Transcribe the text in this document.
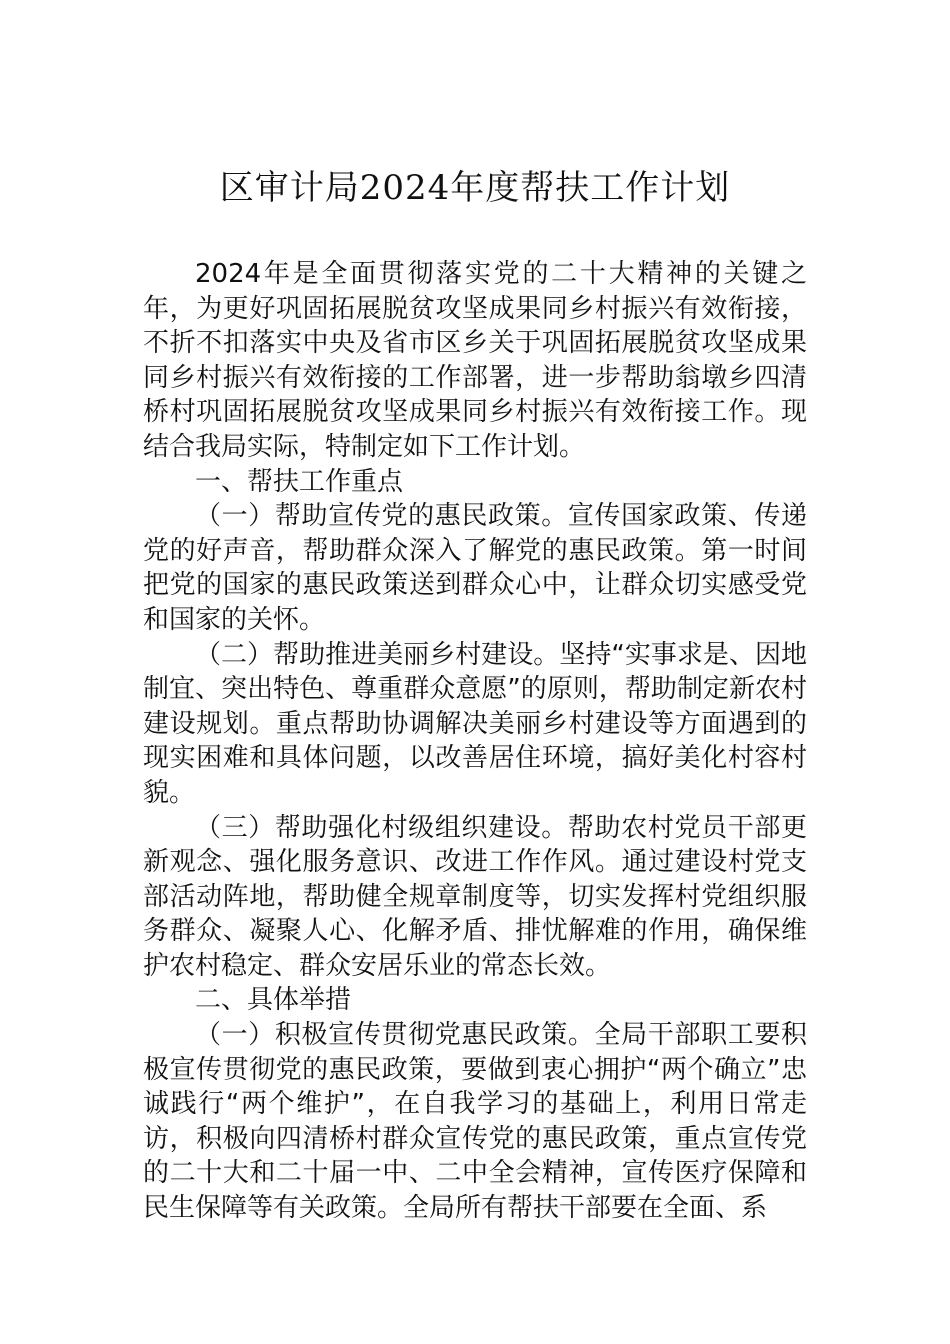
区审计局2024年度帮扶工作计划

2024年是全面贯彻落实党的二十大精神的关键之年，为更好巩固拓展脱贫攻坚成果同乡村振兴有效衔接，不折不扣落实中央及省市区乡关于巩固拓展脱贫攻坚成果同乡村振兴有效衔接的工作部署，进一步帮助翁墩乡四清桥村巩固拓展脱贫攻坚成果同乡村振兴有效衔接工作。现结合我局实际，特制定如下工作计划。

一、帮扶工作重点

（一）帮助宣传党的惠民政策。宣传国家政策、传递党的好声音，帮助群众深入了解党的惠民政策。第一时间把党的国家的惠民政策送到群众心中，让群众切实感受党和国家的关怀。

（二）帮助推进美丽乡村建设。坚持“实事求是、因地制宜、突出特色、尊重群众意愿”的原则，帮助制定新农村建设规划。重点帮助协调解决美丽乡村建设等方面遇到的现实困难和具体问题，以改善居住环境，搞好美化村容村貌。

（三）帮助强化村级组织建设。帮助农村党员干部更新观念、强化服务意识、改进工作作风。通过建设村党支部活动阵地，帮助健全规章制度等，切实发挥村党组织服务群众、凝聚人心、化解矛盾、排忧解难的作用，确保维护农村稳定、群众安居乐业的常态长效。

二、具体举措

（一）积极宣传贯彻党惠民政策。全局干部职工要积极宣传贯彻党的惠民政策，要做到衷心拥护“两个确立”忠诚践行“两个维护”，在自我学习的基础上，利用日常走访，积极向四清桥村群众宣传党的惠民政策，重点宣传党的二十大和二十届一中、二中全会精神，宣传医疗保障和民生保障等有关政策。全局所有帮扶干部要在全面、系
